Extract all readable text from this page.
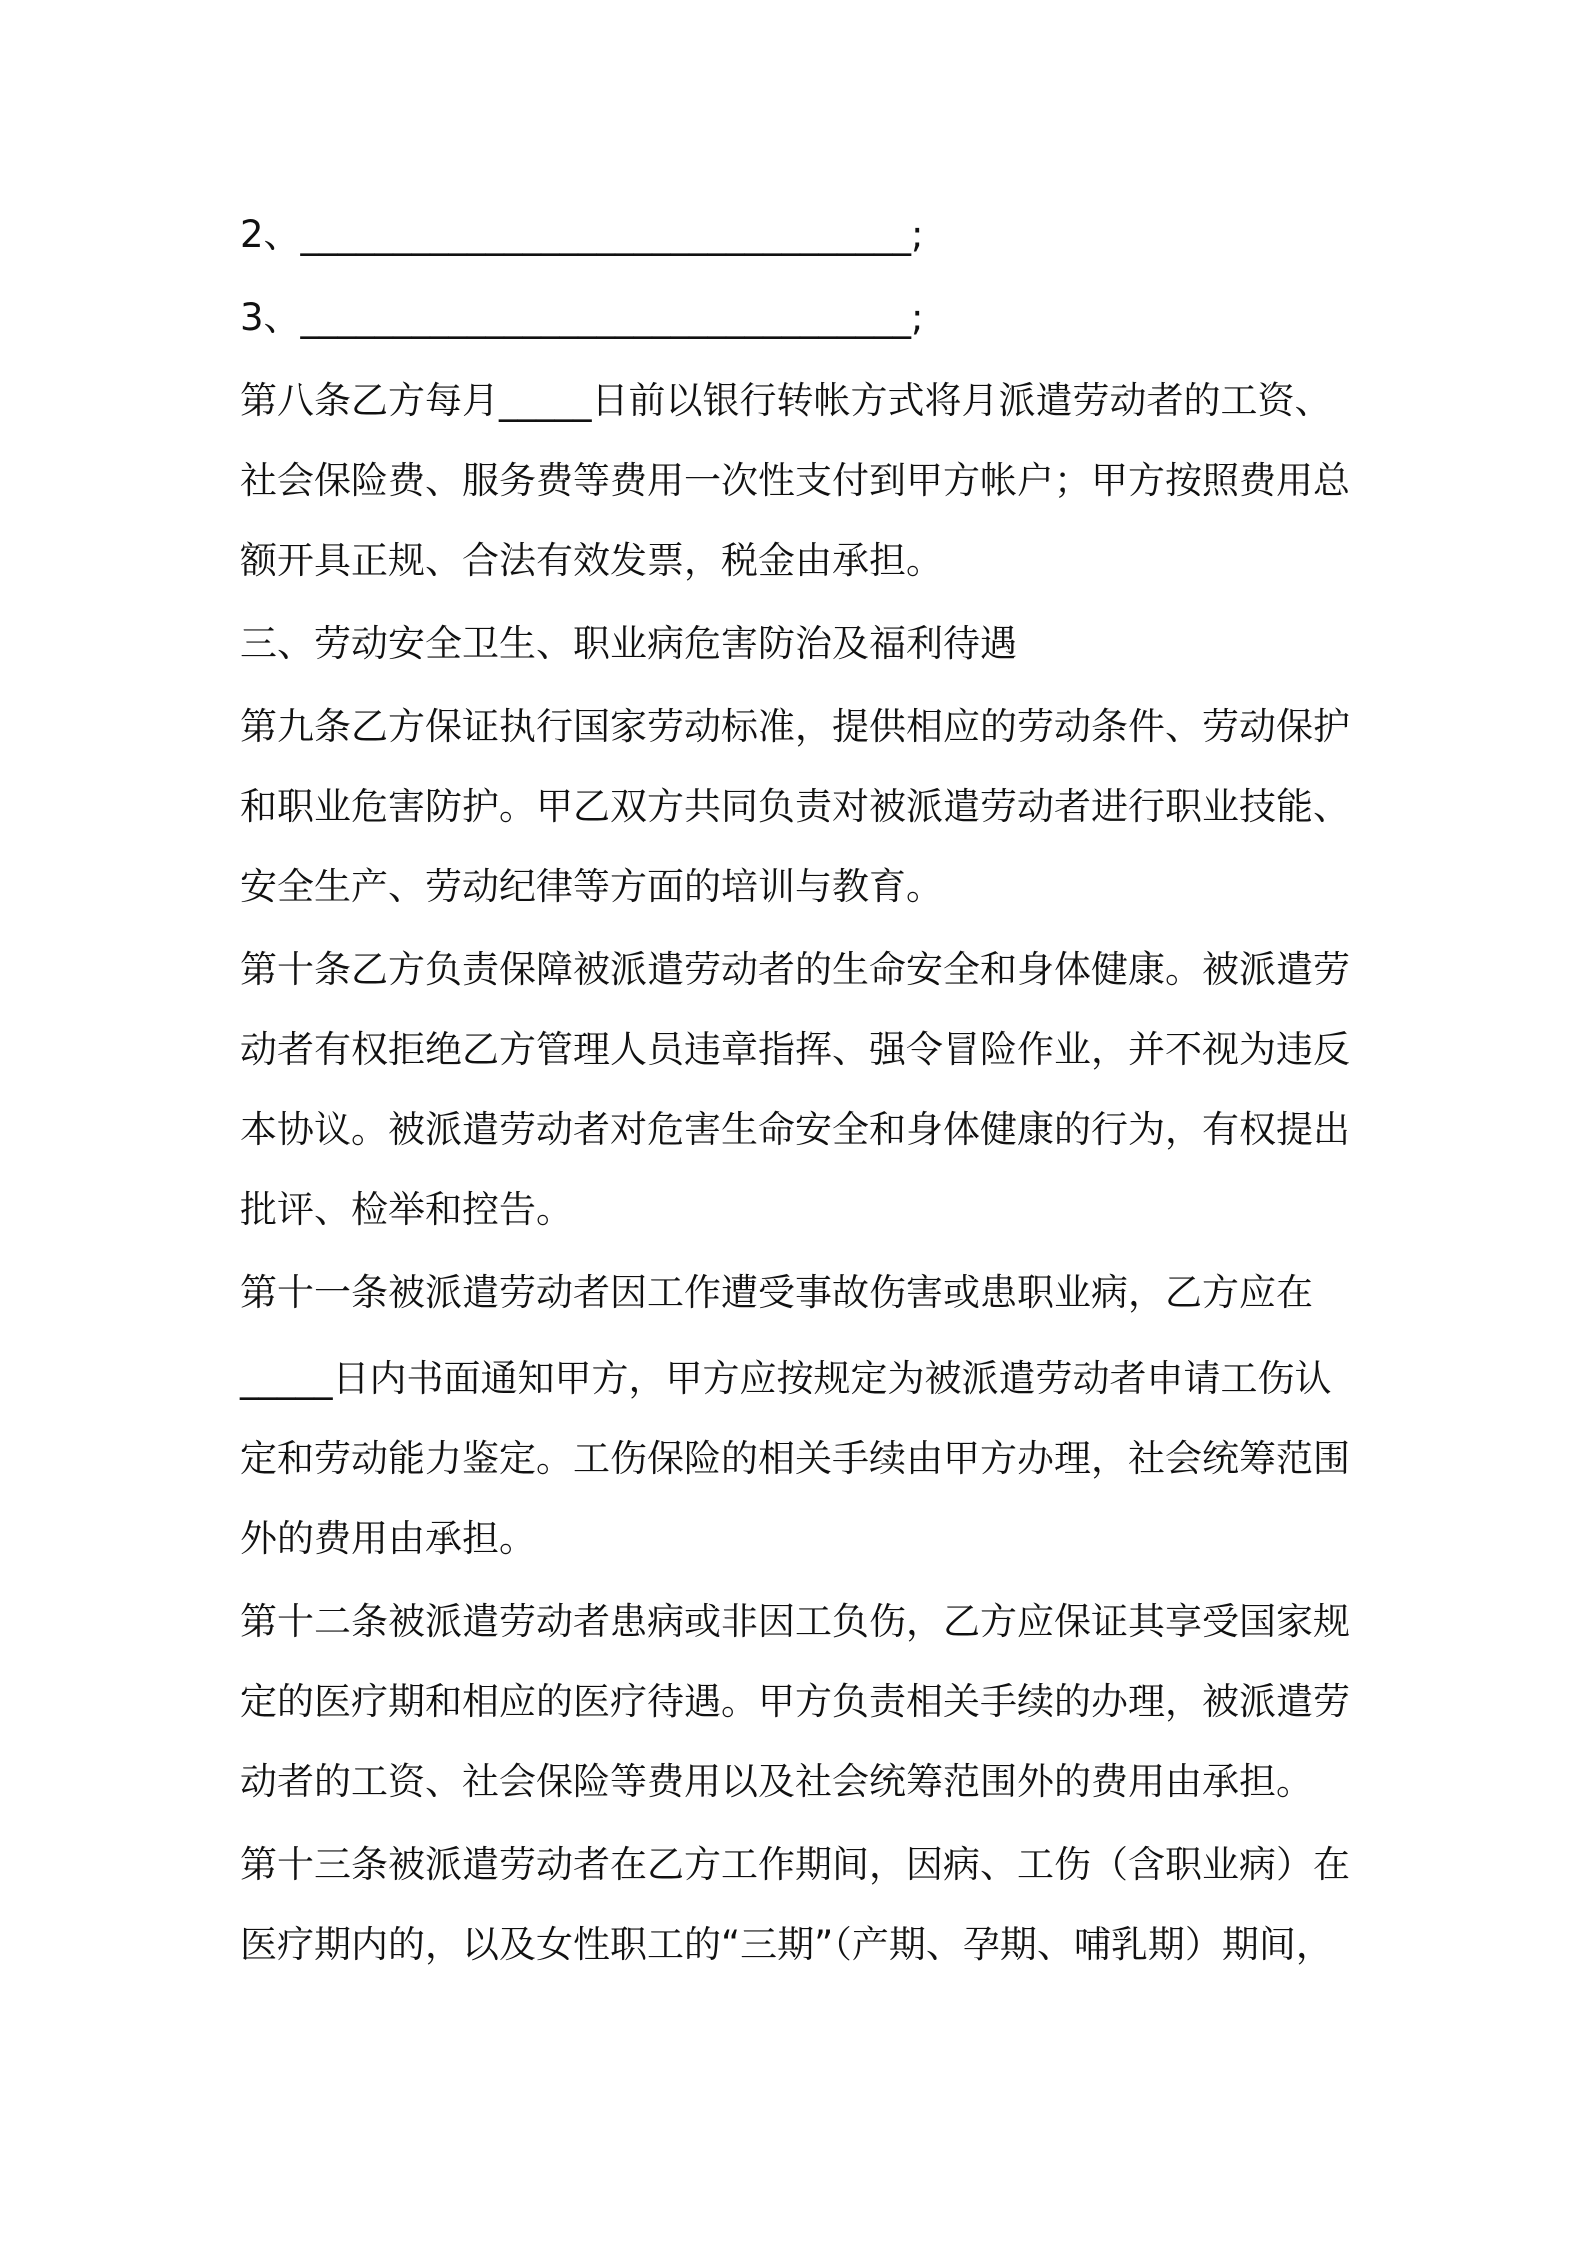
2、_________________________________;
3、_________________________________;
第八条乙方每月_____日前以银行转帐方式将月派遣劳动者的工资、
社会保险费、服务费等费用一次性支付到甲方帐户；甲方按照费用总
额开具正规、合法有效发票，税金由承担。
三、劳动安全卫生、职业病危害防治及福利待遇
第九条乙方保证执行国家劳动标准，提供相应的劳动条件、劳动保护
和职业危害防护。甲乙双方共同负责对被派遣劳动者进行职业技能、
安全生产、劳动纪律等方面的培训与教育。
第十条乙方负责保障被派遣劳动者的生命安全和身体健康。被派遣劳
动者有权拒绝乙方管理人员违章指挥、强令冒险作业，并不视为违反
本协议。被派遣劳动者对危害生命安全和身体健康的行为，有权提出
批评、检举和控告。
第十一条被派遣劳动者因工作遭受事故伤害或患职业病，乙方应在
_____日内书面通知甲方，甲方应按规定为被派遣劳动者申请工伤认
定和劳动能力鉴定。工伤保险的相关手续由甲方办理，社会统筹范围
外的费用由承担。
第十二条被派遣劳动者患病或非因工负伤，乙方应保证其享受国家规
定的医疗期和相应的医疗待遇。甲方负责相关手续的办理，被派遣劳
动者的工资、社会保险等费用以及社会统筹范围外的费用由承担。
第十三条被派遣劳动者在乙方工作期间，因病、工伤（含职业病）在
医疗期内的，以及女性职工的“三期”（产期、孕期、哺乳期）期间，
